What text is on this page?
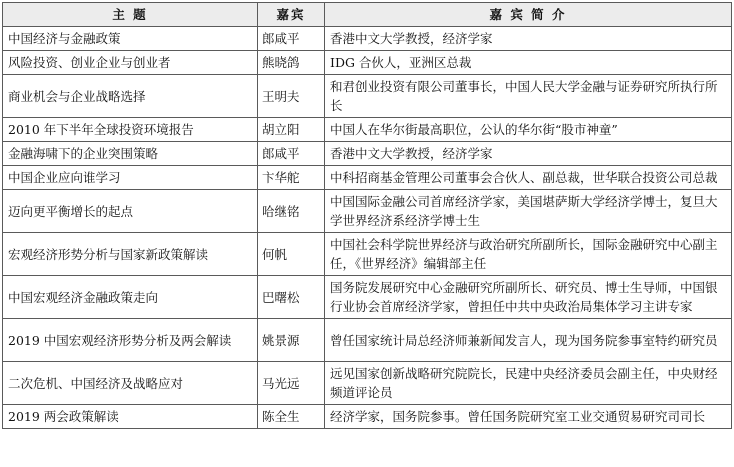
主 题	嘉宾	嘉 宾 简 介
中国经济与金融政策	郎咸平	香港中文大学教授，经济学家
风险投资、创业企业与创业者	熊晓鸽	IDG 合伙人，亚洲区总裁
商业机会与企业战略选择	王明夫	和君创业投资有限公司董事长，中国人民大学金融与证券研究所执行所长
2010 年下半年全球投资环境报告	胡立阳	中国人在华尔街最高职位，公认的华尔街“股市神童”
金融海啸下的企业突围策略	郎咸平	香港中文大学教授，经济学家
中国企业应向谁学习	卞华舵	中科招商基金管理公司董事会合伙人、副总裁，世华联合投资公司总裁
迈向更平衡增长的起点	哈继铭	中国国际金融公司首席经济学家，美国堪萨斯大学经济学博士，复旦大学世界经济系经济学博士生
宏观经济形势分析与国家新政策解读	何帆	中国社会科学院世界经济与政治研究所副所长，国际金融研究中心副主任，《世界经济》编辑部主任
中国宏观经济金融政策走向	巴曙松	国务院发展研究中心金融研究所副所长、研究员、博士生导师，中国银行业协会首席经济学家，曾担任中共中央政治局集体学习主讲专家
2019 中国宏观经济形势分析及两会解读	姚景源	曾任国家统计局总经济师兼新闻发言人，现为国务院参事室特约研究员
二次危机、中国经济及战略应对	马光远	远见国家创新战略研究院院长，民建中央经济委员会副主任，中央财经频道评论员
2019 两会政策解读	陈全生	经济学家，国务院参事。曾任国务院研究室工业交通贸易研究司司长
